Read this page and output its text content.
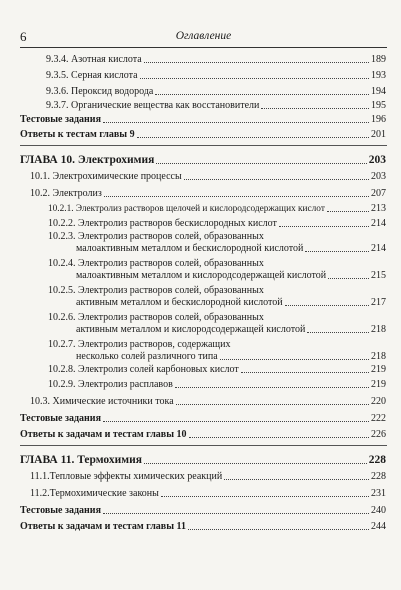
6	Оглавление
9.3.4. Азотная кислота	189
9.3.5. Серная кислота	193
9.3.6. Пероксид водорода	194
9.3.7. Органические вещества как восстановители	195
Тестовые задания	196
Ответы к тестам главы 9	201
ГЛАВА 10. Электрохимия	203
10.1. Электрохимические процессы	203
10.2. Электролиз	207
10.2.1. Электролиз растворов щелочей и кислородсодержащих кислот	213
10.2.2. Электролиз растворов бескислородных кислот	214
10.2.3. Электролиз растворов солей, образованных
малоактивным металлом и бескислородной кислотой	214
10.2.4. Электролиз растворов солей, образованных
малоактивным металлом и кислородсодержащей кислотой	215
10.2.5. Электролиз растворов солей, образованных
активным металлом и бескислородной кислотой	217
10.2.6. Электролиз растворов солей, образованных
активным металлом и кислородсодержащей кислотой	218
10.2.7. Электролиз растворов, содержащих
несколько солей различного типа	218
10.2.8. Электролиз солей карбоновых кислот	219
10.2.9. Электролиз расплавов	219
10.3. Химические источники тока	220
Тестовые задания	222
Ответы к задачам и тестам главы 10	226
ГЛАВА 11. Термохимия	228
11.1.Тепловые эффекты химических реакций	228
11.2.Термохимические законы	231
Тестовые задания	240
Ответы к задачам и тестам главы 11	244
